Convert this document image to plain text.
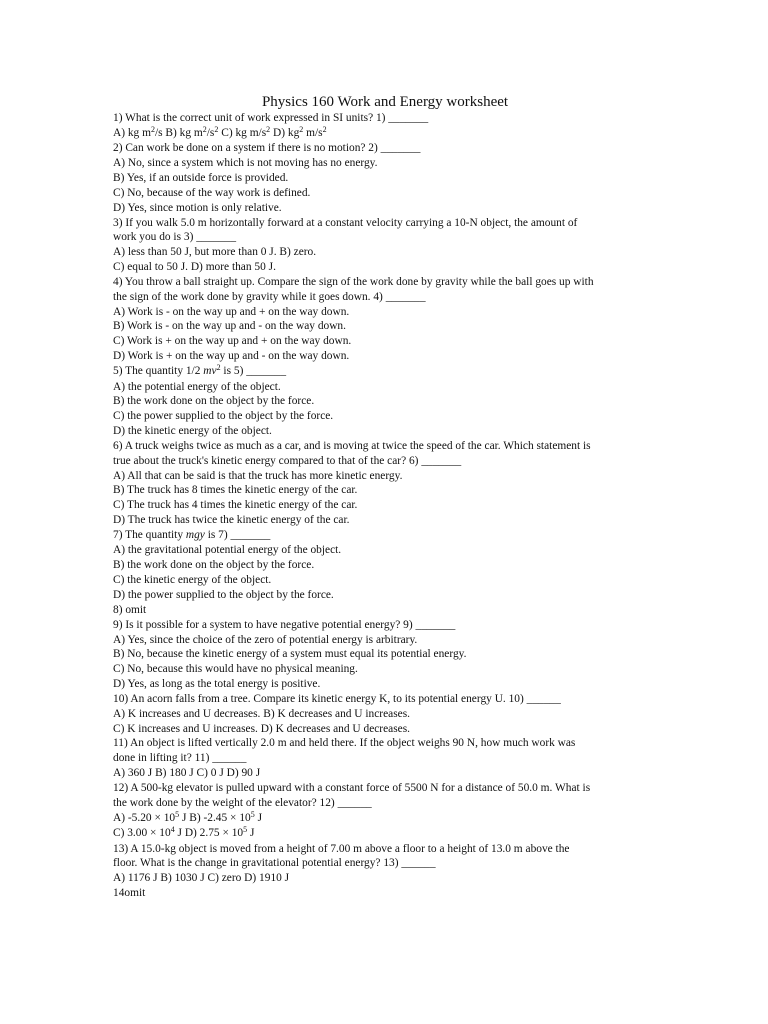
Physics 160 Work and Energy worksheet
1) What is the correct unit of work expressed in SI units? 1) _______
A) kg $m^2/s$ B) kg $m^2/s^2$ C) kg $m/s^2$ D) $kg^2$ $m/s^2$
2) Can work be done on a system if there is no motion? 2) _______
A) No, since a system which is not moving has no energy.
B) Yes, if an outside force is provided.
C) No, because of the way work is defined.
D) Yes, since motion is only relative.
3) If you walk 5.0 m horizontally forward at a constant velocity carrying a 10-N object, the amount of
work you do is 3) _______
A) less than 50 J, but more than 0 J. B) zero.
C) equal to 50 J. D) more than 50 J.
4) You throw a ball straight up. Compare the sign of the work done by gravity while the ball goes up with
the sign of the work done by gravity while it goes down. 4) _______
A) Work is - on the way up and + on the way down.
B) Work is - on the way up and - on the way down.
C) Work is + on the way up and + on the way down.
D) Work is + on the way up and - on the way down.
5) The quantity 1/2 $mv^2$ is 5) _______
A) the potential energy of the object.
B) the work done on the object by the force.
C) the power supplied to the object by the force.
D) the kinetic energy of the object.
6) A truck weighs twice as much as a car, and is moving at twice the speed of the car. Which statement is
true about the truck's kinetic energy compared to that of the car? 6) _______
A) All that can be said is that the truck has more kinetic energy.
B) The truck has 8 times the kinetic energy of the car.
C) The truck has 4 times the kinetic energy of the car.
D) The truck has twice the kinetic energy of the car.
7) The quantity mgy is 7) _______
A) the gravitational potential energy of the object.
B) the work done on the object by the force.
C) the kinetic energy of the object.
D) the power supplied to the object by the force.
8) omit
9) Is it possible for a system to have negative potential energy? 9) _______
A) Yes, since the choice of the zero of potential energy is arbitrary.
B) No, because the kinetic energy of a system must equal its potential energy.
C) No, because this would have no physical meaning.
D) Yes, as long as the total energy is positive.
10) An acorn falls from a tree. Compare its kinetic energy K, to its potential energy U. 10) ______
A) K increases and U decreases. B) K decreases and U increases.
C) K increases and U increases. D) K decreases and U decreases.
11) An object is lifted vertically 2.0 m and held there. If the object weighs 90 N, how much work was
done in lifting it? 11) ______
A) 360 J B) 180 J C) 0 J D) 90 J
12) A 500-kg elevator is pulled upward with a constant force of 5500 N for a distance of 50.0 m. What is
the work done by the weight of the elevator? 12) ______
A) $-5.20 \times 10^5$ J B) $-2.45 \times 10^5$ J
C) $3.00 \times 10^4$ J D) $2.75 \times 10^5$ J
13) A 15.0-kg object is moved from a height of 7.00 m above a floor to a height of 13.0 m above the
floor. What is the change in gravitational potential energy? 13) ______
A) 1176 J B) 1030 J C) zero D) 1910 J
14omit
